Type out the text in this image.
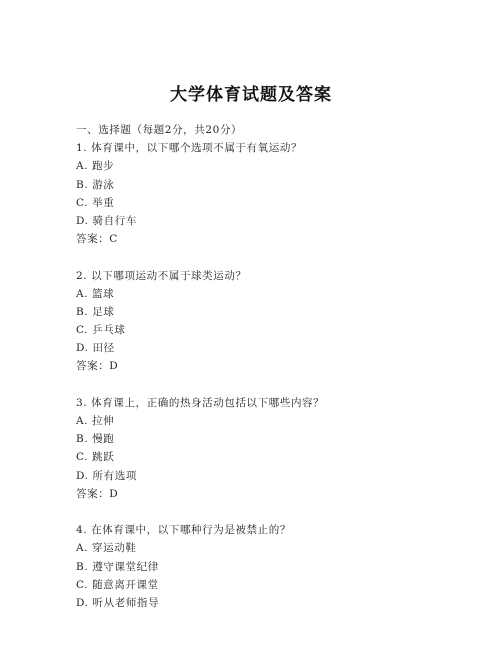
大学体育试题及答案
一、选择题（每题2分，共20分）
1. 体育课中，以下哪个选项不属于有氧运动？
A. 跑步
B. 游泳
C. 举重
D. 骑自行车
答案：C
2. 以下哪项运动不属于球类运动？
A. 篮球
B. 足球
C. 乒乓球
D. 田径
答案：D
3. 体育课上，正确的热身活动包括以下哪些内容？
A. 拉伸
B. 慢跑
C. 跳跃
D. 所有选项
答案：D
4. 在体育课中，以下哪种行为是被禁止的？
A. 穿运动鞋
B. 遵守课堂纪律
C. 随意离开课堂
D. 听从老师指导
